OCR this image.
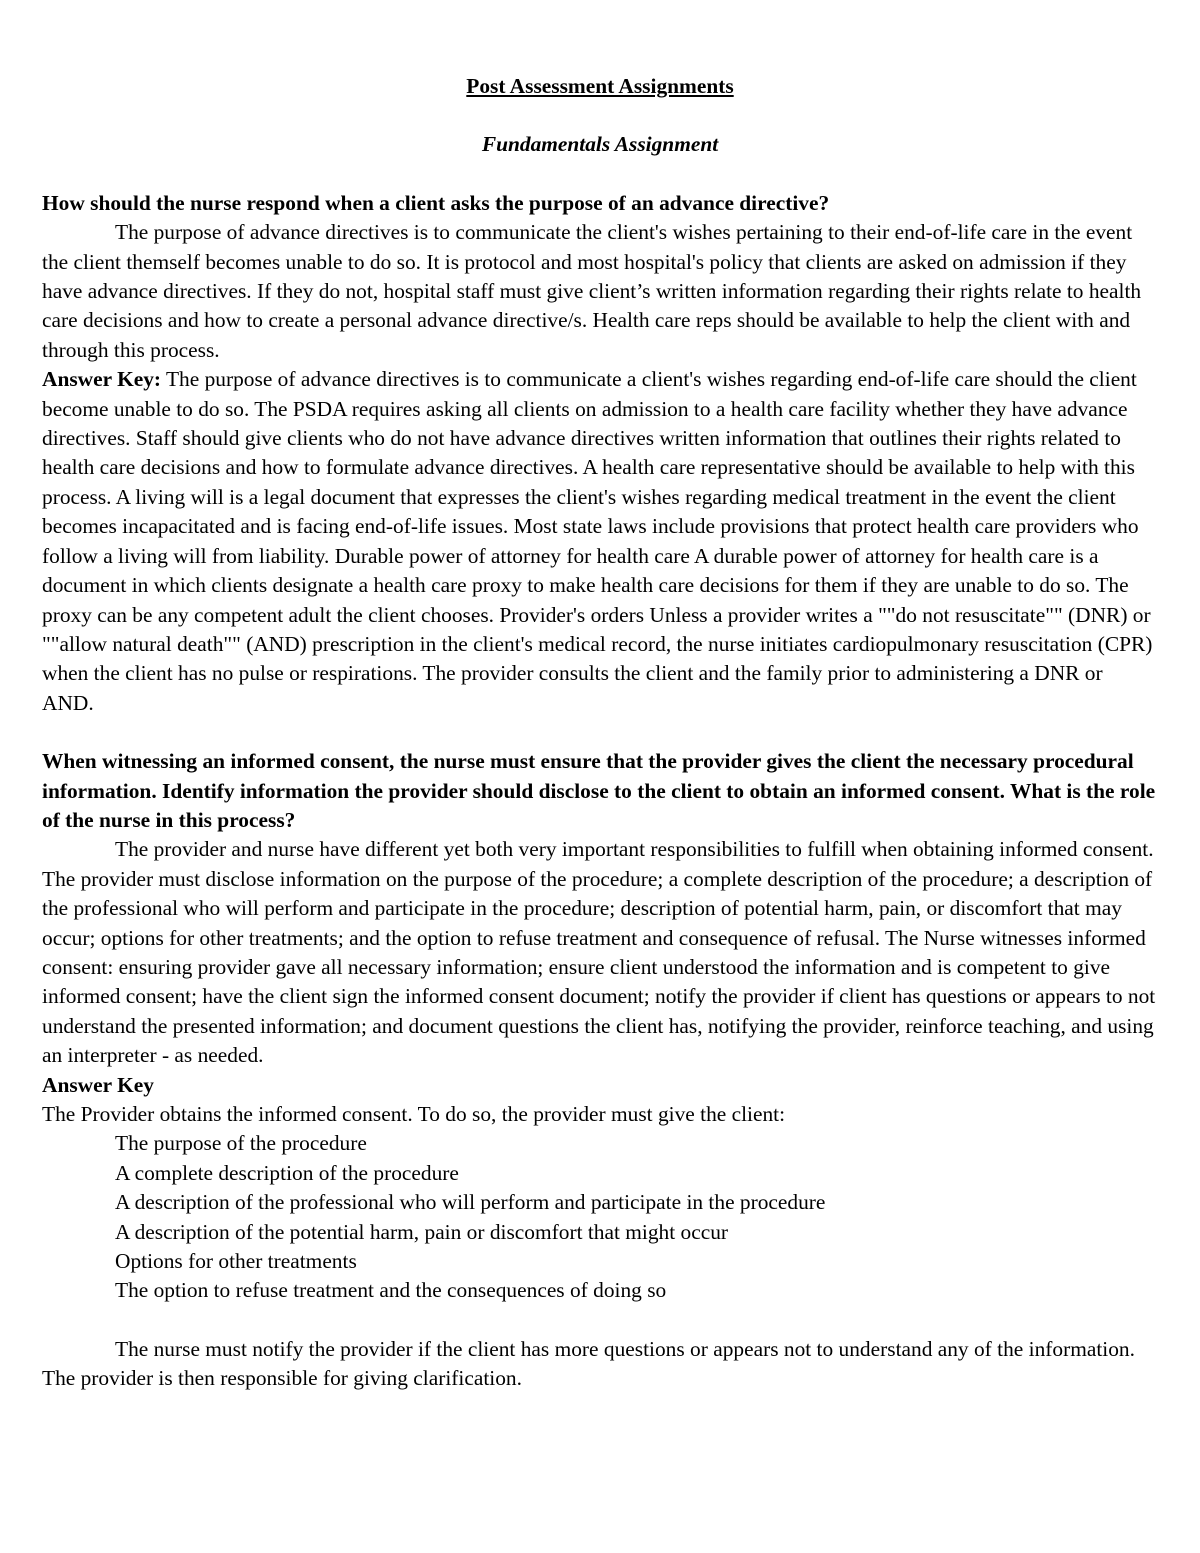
Post Assessment Assignments

Fundamentals Assignment

How should the nurse respond when a client asks the purpose of an advance directive?

The purpose of advance directives is to communicate the client's wishes pertaining to their end-of-life care in the event the client themself becomes unable to do so. It is protocol and most hospital's policy that clients are asked on admission if they have advance directives. If they do not, hospital staff must give client’s written information regarding their rights relate to health care decisions and how to create a personal advance directive/s. Health care reps should be available to help the client with and through this process.

Answer Key: The purpose of advance directives is to communicate a client's wishes regarding end-of-life care should the client become unable to do so. The PSDA requires asking all clients on admission to a health care facility whether they have advance directives. Staff should give clients who do not have advance directives written information that outlines their rights related to health care decisions and how to formulate advance directives. A health care representative should be available to help with this process. A living will is a legal document that expresses the client's wishes regarding medical treatment in the event the client becomes incapacitated and is facing end-of-life issues. Most state laws include provisions that protect health care providers who follow a living will from liability. Durable power of attorney for health care A durable power of attorney for health care is a document in which clients designate a health care proxy to make health care decisions for them if they are unable to do so. The proxy can be any competent adult the client chooses. Provider's orders Unless a provider writes a ""do not resuscitate"" (DNR) or ""allow natural death"" (AND) prescription in the client's medical record, the nurse initiates cardiopulmonary resuscitation (CPR) when the client has no pulse or respirations. The provider consults the client and the family prior to administering a DNR or AND.

When witnessing an informed consent, the nurse must ensure that the provider gives the client the necessary procedural information. Identify information the provider should disclose to the client to obtain an informed consent. What is the role of the nurse in this process?

The provider and nurse have different yet both very important responsibilities to fulfill when obtaining informed consent. The provider must disclose information on the purpose of the procedure; a complete description of the procedure; a description of the professional who will perform and participate in the procedure; description of potential harm, pain, or discomfort that may occur; options for other treatments; and the option to refuse treatment and consequence of refusal. The Nurse witnesses informed consent: ensuring provider gave all necessary information; ensure client understood the information and is competent to give informed consent; have the client sign the informed consent document; notify the provider if client has questions or appears to not understand the presented information; and document questions the client has, notifying the provider, reinforce teaching, and using an interpreter - as needed.

Answer Key

The Provider obtains the informed consent. To do so, the provider must give the client:

The purpose of the procedure
A complete description of the procedure
A description of the professional who will perform and participate in the procedure
A description of the potential harm, pain or discomfort that might occur
Options for other treatments
The option to refuse treatment and the consequences of doing so

The nurse must notify the provider if the client has more questions or appears not to understand any of the information. The provider is then responsible for giving clarification.
